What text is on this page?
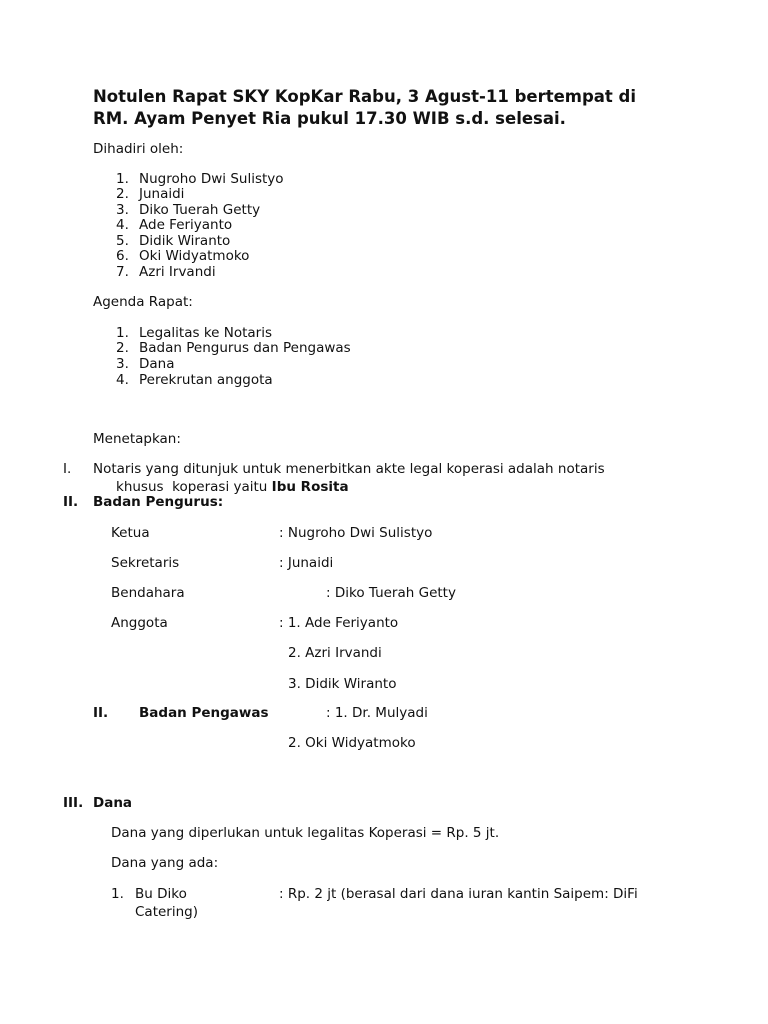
Notulen Rapat SKY KopKar Rabu, 3 Agust-11 bertempat di
RM. Ayam Penyet Ria pukul 17.30 WIB s.d. selesai.
Dihadiri oleh:
1. Nugroho Dwi Sulistyo
2. Junaidi
3. Diko Tuerah Getty
4. Ade Feriyanto
5. Didik Wiranto
6. Oki Widyatmoko
7. Azri Irvandi
Agenda Rapat:
1. Legalitas ke Notaris
2. Badan Pengurus dan Pengawas
3. Dana
4. Perekrutan anggota
Menetapkan:
I. Notaris yang ditunjuk untuk menerbitkan akte legal koperasi adalah notaris
khusus  koperasi yaitu Ibu Rosita
II. Badan Pengurus:
Ketua	: Nugroho Dwi Sulistyo
Sekretaris	: Junaidi
Bendahara	: Diko Tuerah Getty
Anggota	: 1. Ade Feriyanto
2. Azri Irvandi
3. Didik Wiranto
II. Badan Pengawas	: 1. Dr. Mulyadi
2. Oki Widyatmoko
III. Dana
Dana yang diperlukan untuk legalitas Koperasi = Rp. 5 jt.
Dana yang ada:
1. Bu Diko	: Rp. 2 jt (berasal dari dana iuran kantin Saipem: DiFi
Catering)
